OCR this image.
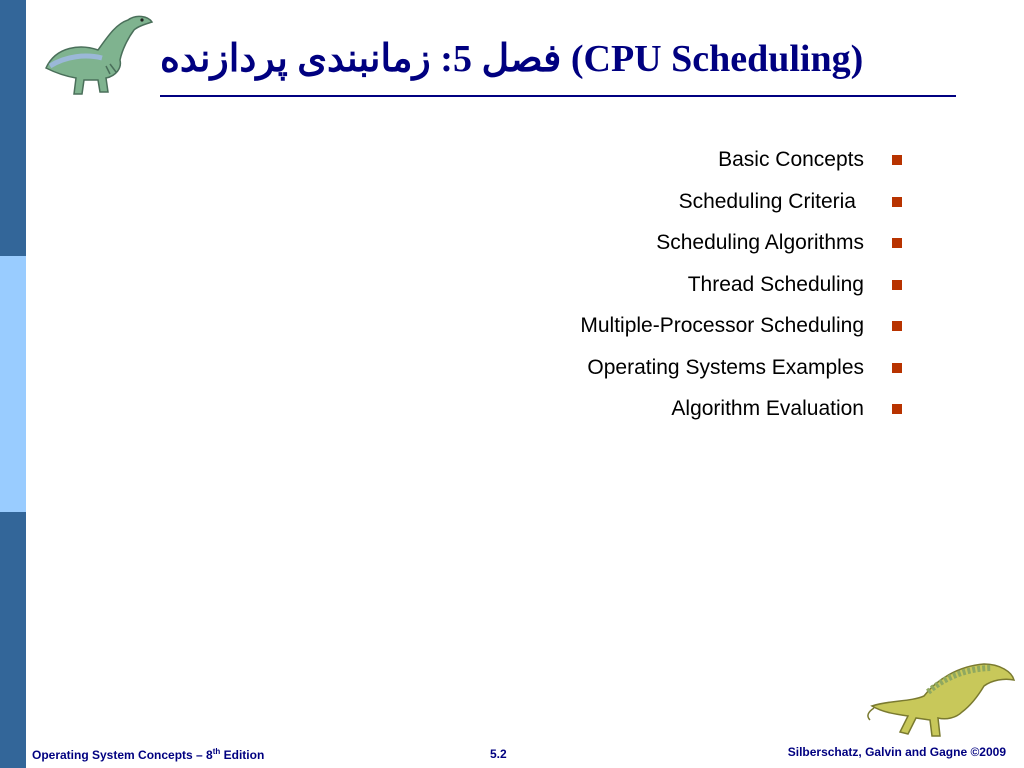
فصل 5: زمانبندی پردازنده (CPU Scheduling)
Basic Concepts
Scheduling Criteria
Scheduling Algorithms
Thread Scheduling
Multiple-Processor Scheduling
Operating Systems Examples
Algorithm Evaluation
Operating System Concepts – 8th Edition	5.2	Silberschatz, Galvin and Gagne ©2009
